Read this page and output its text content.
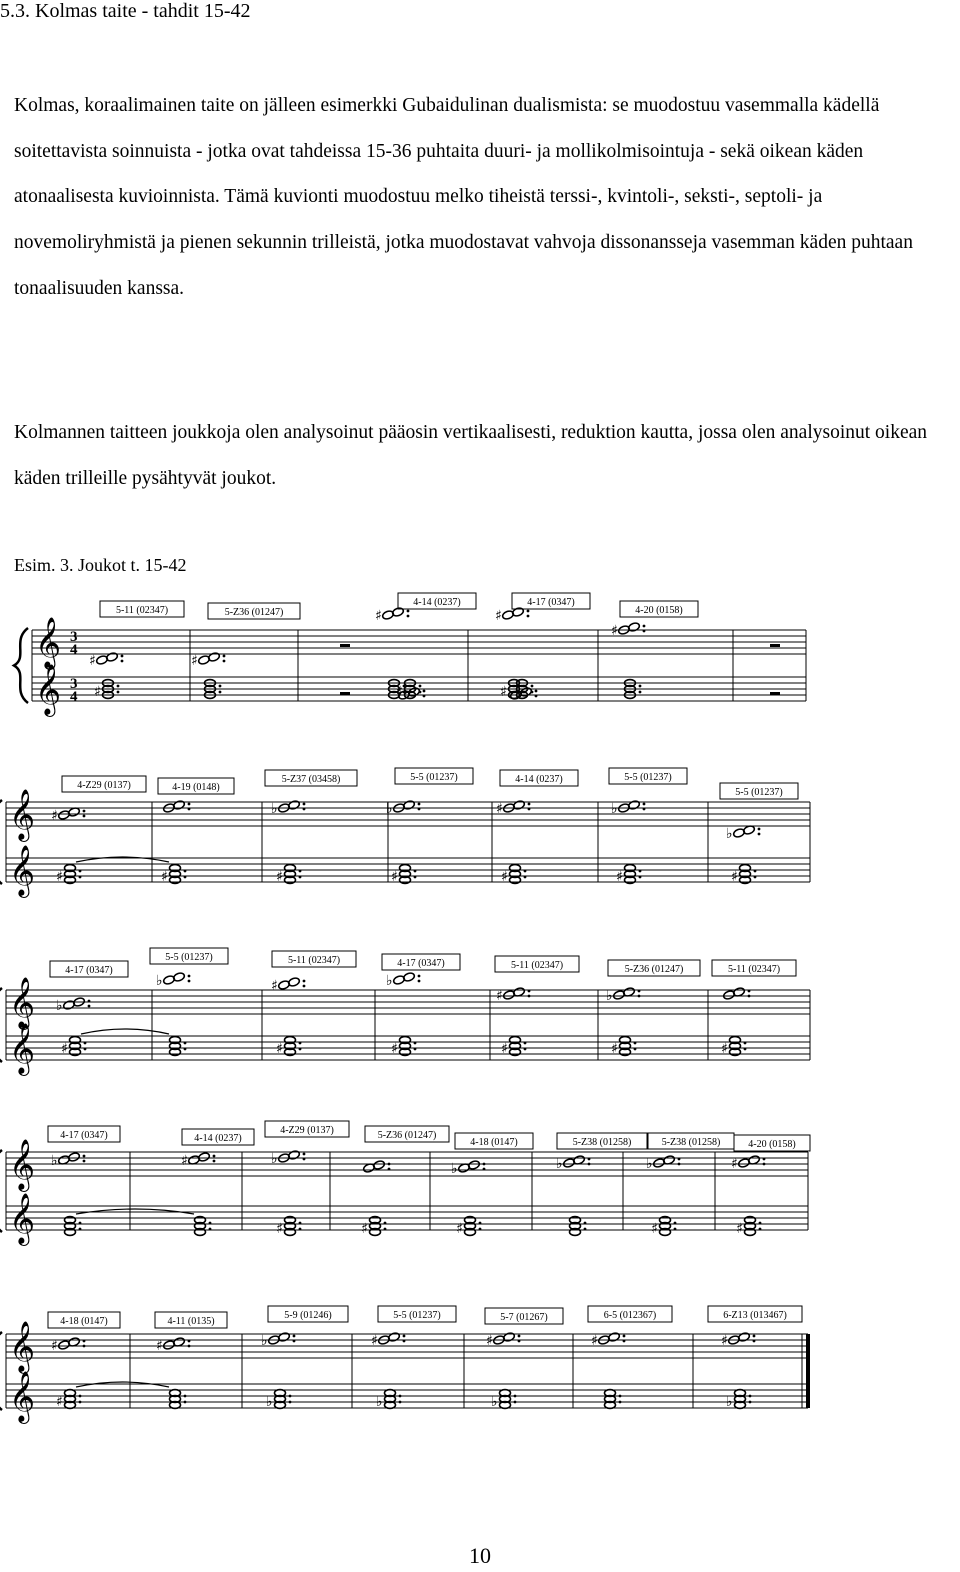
5.3. Kolmas taite - tahdit 15-42

Kolmas, koraalimainen taite on jälleen esimerkki Gubaidulinan dualismista: se muodostuu vasemmalla kädellä soitettavista soinnuista - jotka ovat tahdeissa 15-36 puhtaita duuri- ja mollikolmisointuja - sekä oikean käden atonaalisesta kuvioinnista. Tämä kuvionti muodostuu melko tiheistä terssi-, kvintoli-, seksti-, septoli- ja novemoliryhmistä ja pienen sekunnin trilleistä, jotka muodostavat vahvoja dissonansseja vasemman käden puhtaan tonaalisuuden kanssa.

Kolmannen taitteen joukkoja olen analysoinut pääosin vertikaalisesti, reduktion kautta, jossa olen analysoinut oikean käden trilleille pysähtyvät joukot.

Esim. 3. Joukot t. 15-42
𝄞
𝄞
3
4
3
4
5-11 (02347)	5-Z36 (01247)
4-14 (0237)	4-17 (0347)
4-20 (0158)
♯
♯
♯
♯	♯
♯
♯
♯
𝄞
𝄞
4-Z29 (0137)	4-19 (0148)
5-Z37 (03458)	5-5 (01237)	4-14 (0237)	5-5 (01237)
5-5 (01237)
♯
♯	♯
♭
♯
♭
♯
♯
♯
♭
♯
♭
♯
𝄞
𝄞
4-17 (0347)
5-5 (01237)	5-11 (02347)	4-17 (0347)	5-11 (02347)	5-Z36 (01247)	5-11 (02347)
♭
♯
♭	♯
♯
♭
♯
♯
♯
♭
♯	♯
𝄞
𝄞
4-17 (0347)	4-14 (0237)
4-Z29 (0137)	5-Z36 (01247)
4-18 (0147)	5-Z38 (01258)	5-Z38 (01258)	4-20 (0158)
♭	♯	♭
♯	♯
♭
♯
♭	♭
♯
♯
♯
𝄞
𝄞
4-18 (0147)	4-11 (0135)
5-9 (01246)	5-5 (01237)	5-7 (01267)	6-5 (012367)	6-Z13 (013467)
♯
♯
♯	♭
♭
♯
♭
♯
♭
♯	♯
♭
10
